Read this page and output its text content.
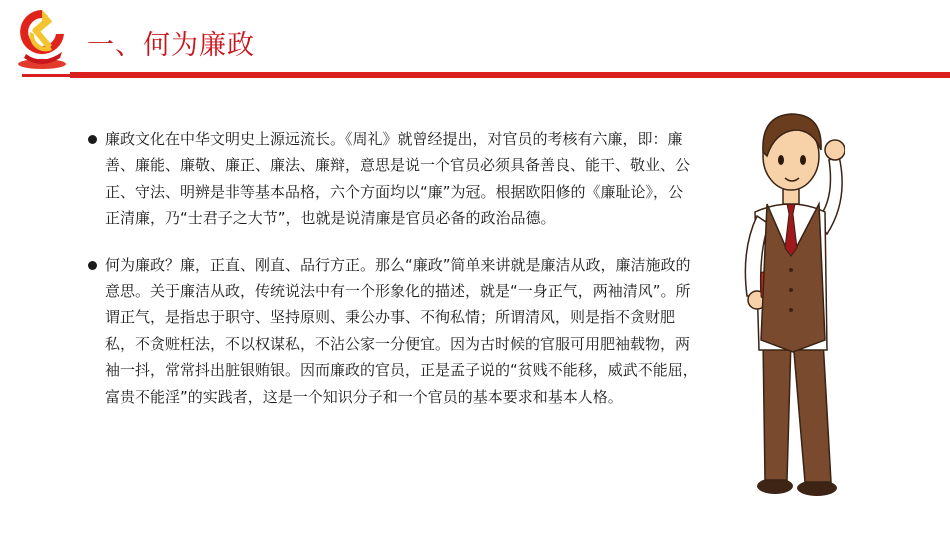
一、何为廉政
廉政文化在中华文明史上源远流长。《周礼》就曾经提出，对官员的考核有六廉，即：廉善、廉能、廉敬、廉正、廉法、廉辩，意思是说一个官员必须具备善良、能干、敬业、公正、守法、明辨是非等基本品格，六个方面均以“廉”为冠。根据欧阳修的《廉耻论》，公正清廉，乃“士君子之大节”，也就是说清廉是官员必备的政治品德。
何为廉政？廉，正直、刚直、品行方正。那么“廉政”简单来讲就是廉洁从政，廉洁施政的意思。关于廉洁从政，传统说法中有一个形象化的描述，就是“一身正气，两袖清风”。所谓正气，是指忠于职守、坚持原则、秉公办事、不徇私情；所谓清风，则是指不贪财肥私，不贪赃枉法，不以权谋私，不沾公家一分便宜。因为古时候的官服可用肥袖载物，两袖一抖，常常抖出脏银贿银。因而廉政的官员，正是孟子说的“贫贱不能移，威武不能屈，富贵不能淫”的实践者，这是一个知识分子和一个官员的基本要求和基本人格。
